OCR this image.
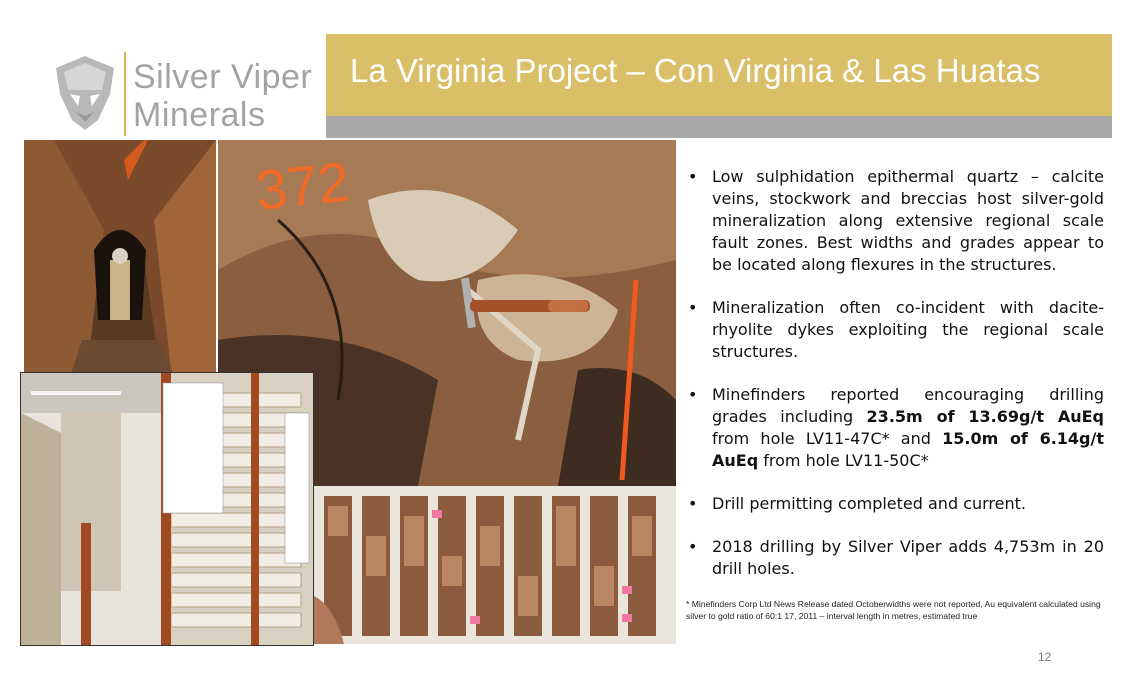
Silver Viper
Minerals
La Virginia Project – Con Virginia & Las Huatas
372	• Low sulphidation epithermal quartz – calcite veins, stockwork and breccias host silver-gold mineralization along extensive regional scale fault zones. Best widths and grades appear to be located along flexures in the structures.
• Mineralization often co-incident with dacite-rhyolite dykes exploiting the regional scale structures.
• Minefinders reported encouraging drilling grades including 23.5m of 13.69g/t AuEq from hole LV11-47C* and 15.0m of 6.14g/t AuEq from hole LV11-50C*
• Drill permitting completed and current.
• 2018 drilling by Silver Viper adds 4,753m in 20 drill holes.
* Minefinders Corp Ltd News Release dated Octoberwidths were not reported, Au equivalent calculated using silver to gold ratio of 60:1 17, 2011 – interval length in metres, estimated true
12
